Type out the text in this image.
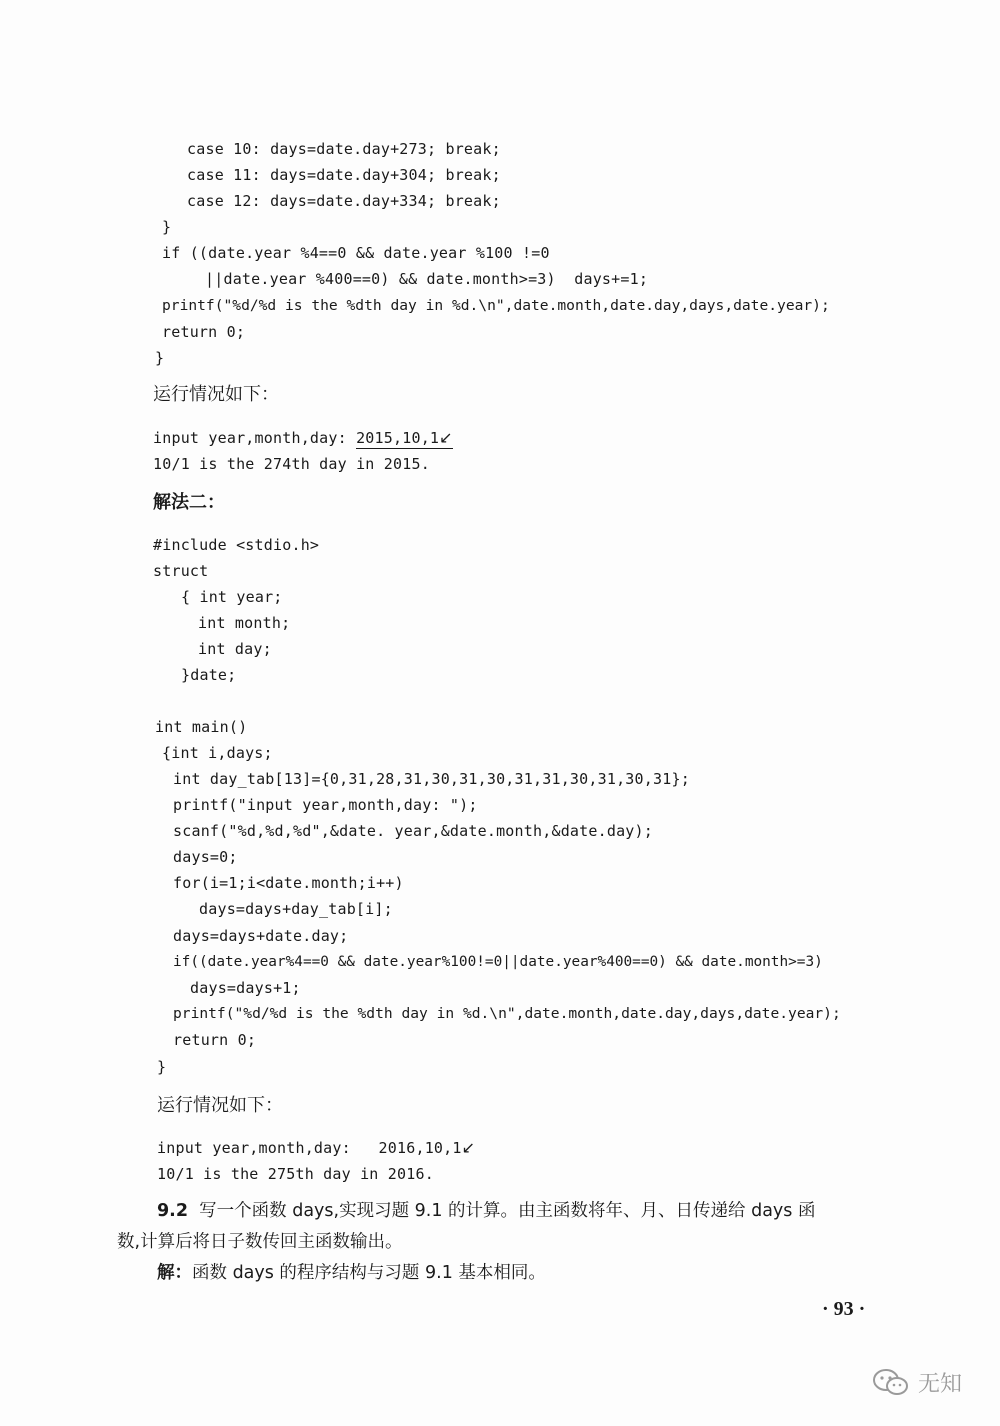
case 10: days=date.day+273; break;
case 11: days=date.day+304; break;
case 12: days=date.day+334; break;
}
if ((date.year %4==0 && date.year %100 !=0
||date.year %400==0) && date.month>=3)  days+=1;
printf("%d/%d is the %dth day in %d.\n",date.month,date.day,days,date.year);
return 0;
}
运行情况如下：
input year,month,day: 2015,10,1↙
10/1 is the 274th day in 2015.
解法二：
#include <stdio.h>
struct
{ int year;
int month;
int day;
}date;
int main()
{int i,days;
int day_tab[13]={0,31,28,31,30,31,30,31,31,30,31,30,31};
printf("input year,month,day: ");
scanf("%d,%d,%d",&date. year,&date.month,&date.day);
days=0;
for(i=1;i<date.month;i++)
days=days+day_tab[i];
days=days+date.day;
if((date.year%4==0 && date.year%100!=0||date.year%400==0) && date.month>=3)
days=days+1;
printf("%d/%d is the %dth day in %d.\n",date.month,date.day,days,date.year);
return 0;
}
运行情况如下：
input year,month,day:   2016,10,1↙
10/1 is the 275th day in 2016.
9.2 写一个函数 days,实现习题 9.1 的计算。由主函数将年、月、日传递给 days 函
数,计算后将日子数传回主函数输出。
解：函数 days 的程序结构与习题 9.1 基本相同。
· 93 ·
无知
